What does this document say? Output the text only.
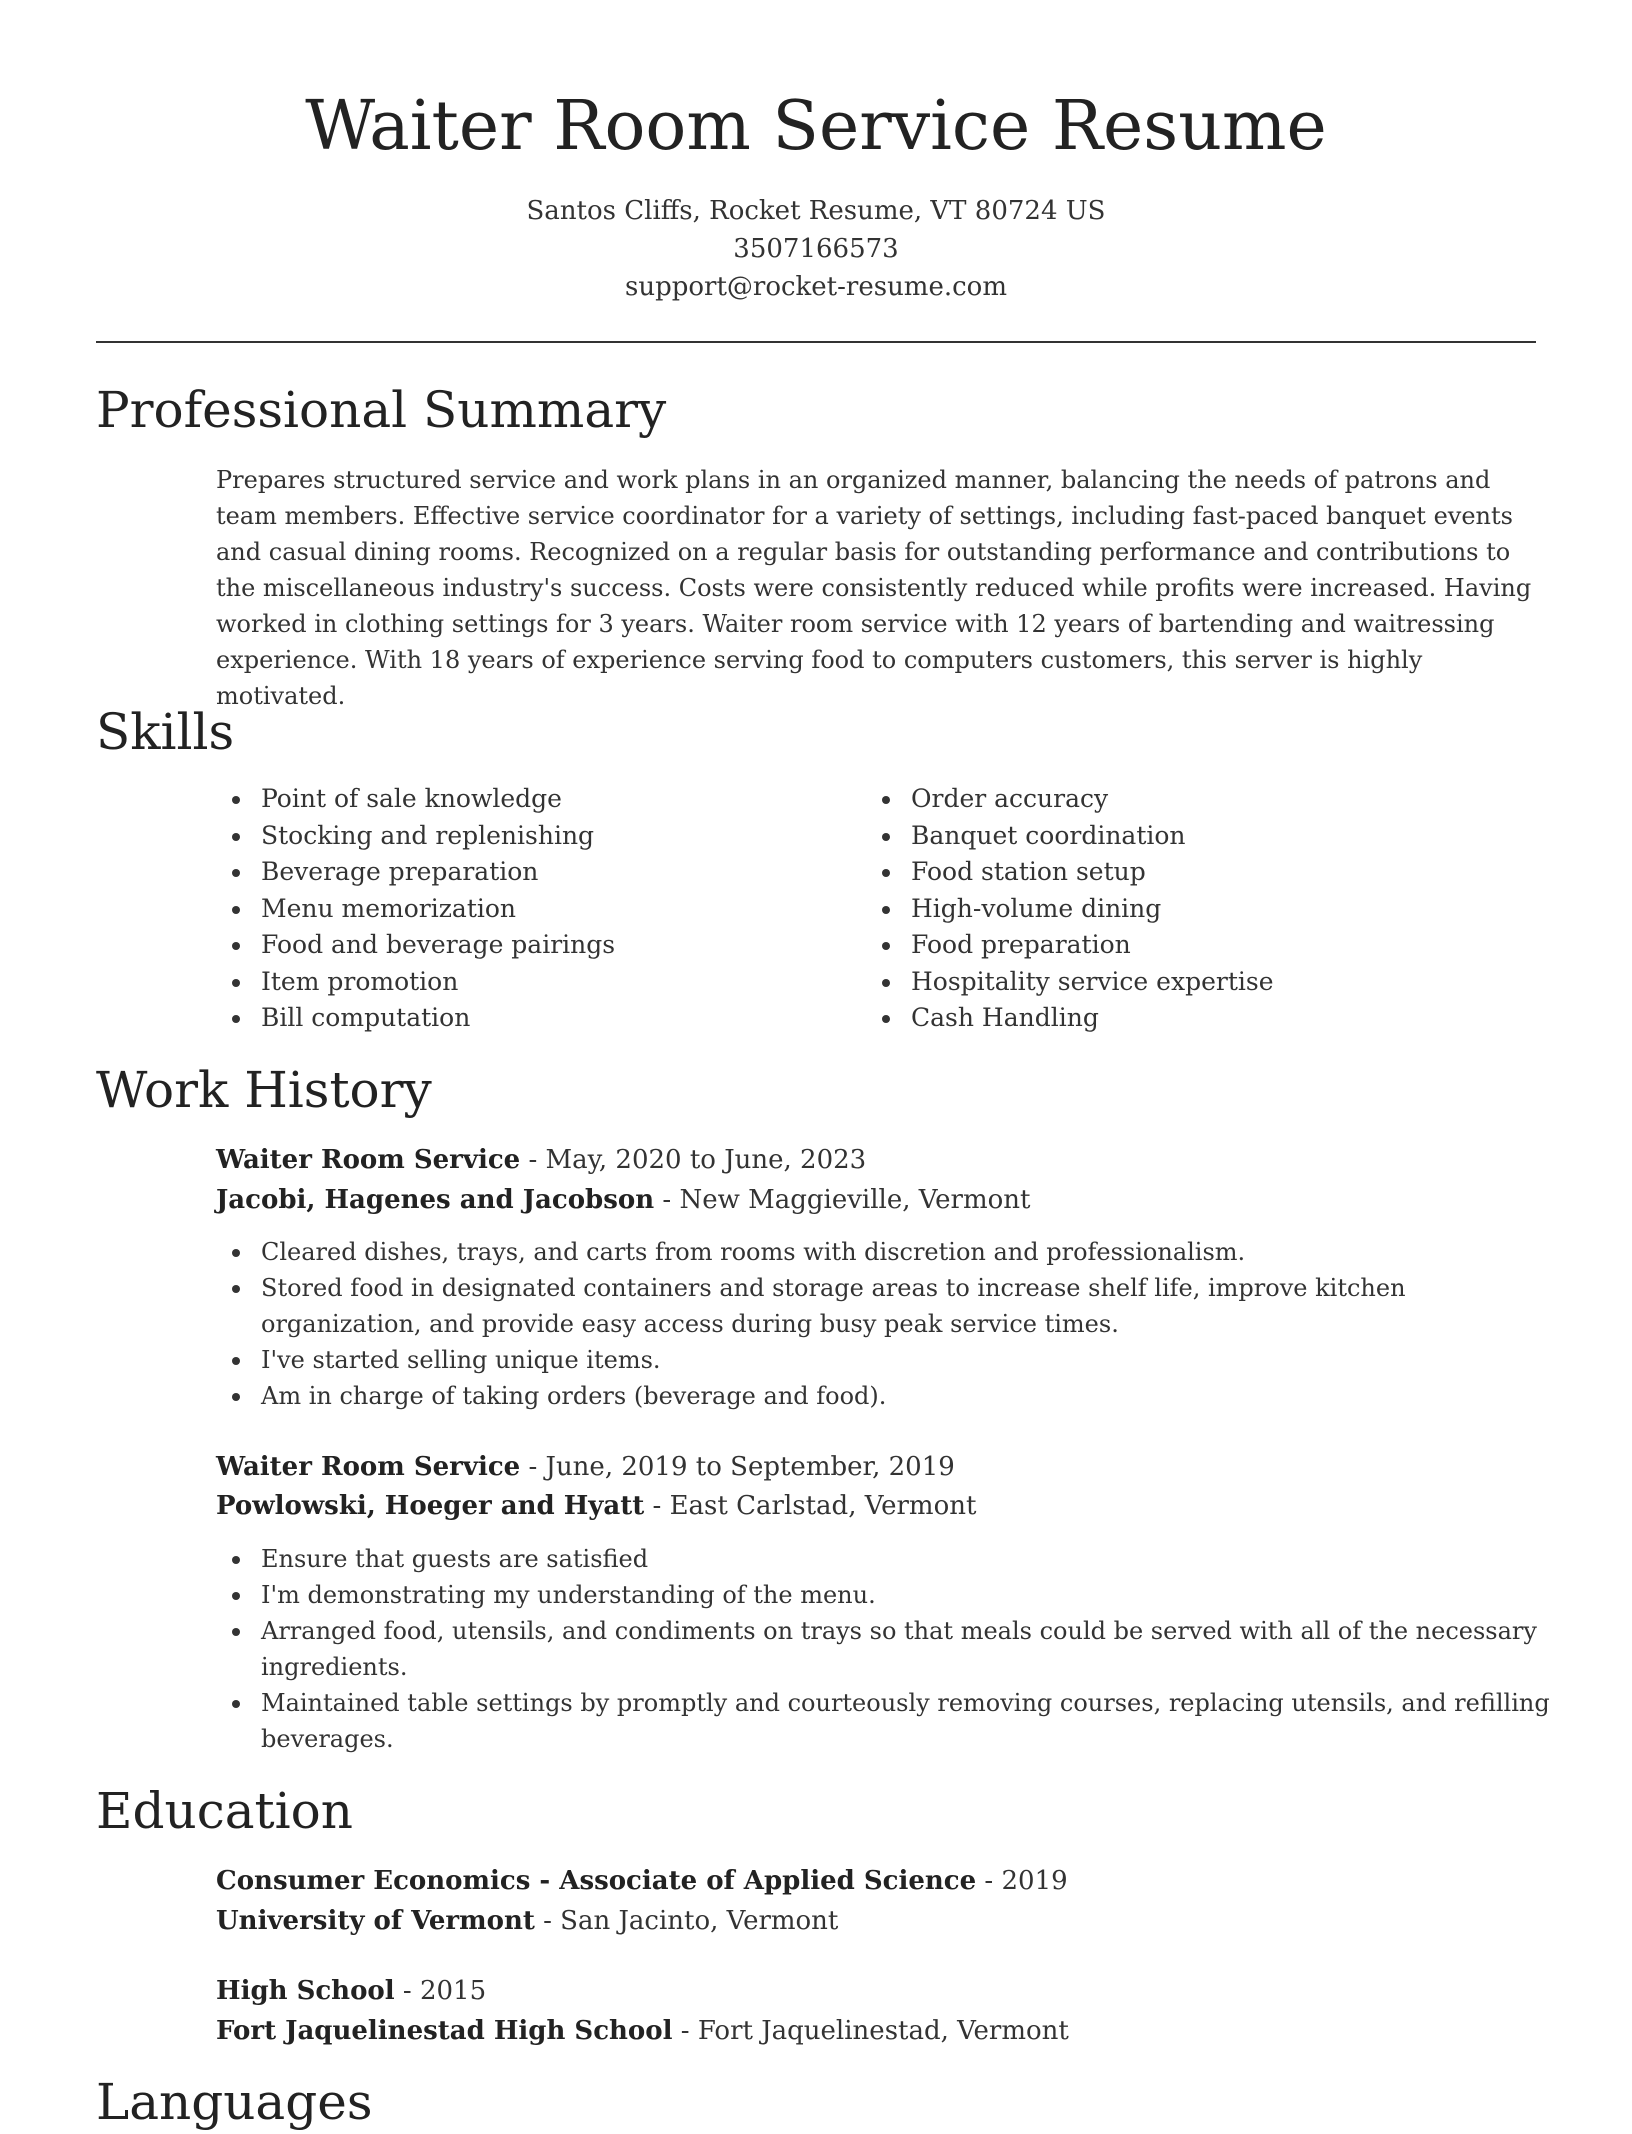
Waiter Room Service Resume
Santos Cliffs, Rocket Resume, VT 80724 US
3507166573
support@rocket-resume.com
Professional Summary

Prepares structured service and work plans in an organized manner, balancing the needs of patrons and team members. Effective service coordinator for a variety of settings, including fast-paced banquet events and casual dining rooms. Recognized on a regular basis for outstanding performance and contributions to the miscellaneous industry's success. Costs were consistently reduced while profits were increased. Having worked in clothing settings for 3 years. Waiter room service with 12 years of bartending and waitressing experience. With 18 years of experience serving food to computers customers, this server is highly motivated.

Skills
Point of sale knowledge
Stocking and replenishing
Beverage preparation
Menu memorization
Food and beverage pairings
Item promotion
Bill computation
Order accuracy
Banquet coordination
Food station setup
High-volume dining
Food preparation
Hospitality service expertise
Cash Handling
Work History
Waiter Room Service - May, 2020 to June, 2023
Jacobi, Hagenes and Jacobson - New Maggieville, Vermont
Cleared dishes, trays, and carts from rooms with discretion and professionalism.
Stored food in designated containers and storage areas to increase shelf life, improve kitchen organization, and provide easy access during busy peak service times.
I've started selling unique items.
Am in charge of taking orders (beverage and food).
Waiter Room Service - June, 2019 to September, 2019
Powlowski, Hoeger and Hyatt - East Carlstad, Vermont
Ensure that guests are satisfied
I'm demonstrating my understanding of the menu.
Arranged food, utensils, and condiments on trays so that meals could be served with all of the necessary ingredients.
Maintained table settings by promptly and courteously removing courses, replacing utensils, and refilling beverages.
Education
Consumer Economics - Associate of Applied Science - 2019
University of Vermont - San Jacinto, Vermont
High School - 2015
Fort Jaquelinestad High School - Fort Jaquelinestad, Vermont
Languages
